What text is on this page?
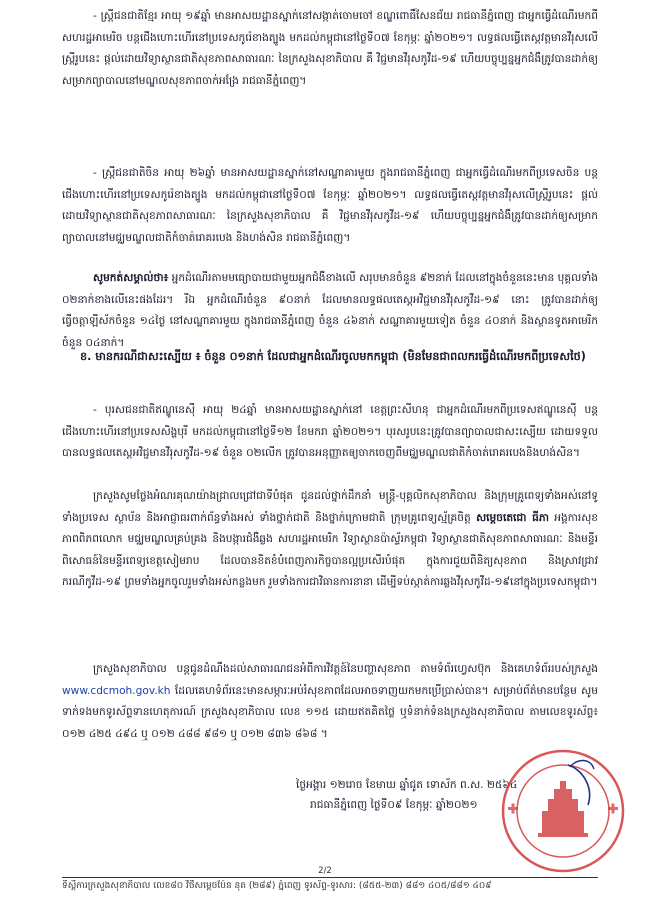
- ស្ត្រីជនជាតិខ្មែរ អាយុ ១៩ឆ្នាំ មានអាសយដ្ឋានស្នាក់នៅសង្កាត់ចោមចៅ ខណ្ឌពោធិ៍សែនជ័យ រាជធានីភ្នំពេញ ជាអ្នកធ្វើដំណើរមកពីសហរដ្ឋអាមេរិច បន្តជើងហោះហើរនៅប្រទេសកូរ៉េខាងត្បូង មកដល់កម្ពុជានៅថ្ងៃទី០៧ ខែកុម្ភៈ ឆ្នាំ២០២១។ លទ្ធផលធ្វើតេស្តវត្តមានវីរុសលើស្ត្រីរូបនេះ ផ្តល់ដោយវិទ្យាស្ថានជាតិសុខភាពសាធារណៈ នៃក្រសួងសុខាភិបាល គឺ វិជ្ជមានវីរុសកូវីដ-១៩ ហើយបច្ចុប្បន្នអ្នកជំងឺត្រូវបានដាក់ឲ្យសម្រាកព្យាបាលនៅមណ្ឌលសុខភាពចាក់អង្រែ រាជធានីភ្នំពេញ។
- ស្ត្រីជនជាតិចិន អាយុ ២៦ឆ្នាំ មានអាសយដ្ឋានស្នាក់នៅសណ្ឋាគារមួយ ក្នុងរាជធានីភ្នំពេញ ជាអ្នកធ្វើដំណើរមកពីប្រទេសចិន បន្តជើងហោះហើរនៅប្រទេសកូរ៉េខាងត្បូង មកដល់កម្ពុជានៅថ្ងៃទី០៧ ខែកុម្ភៈ ឆ្នាំ២០២១។ លទ្ធផលធ្វើតេស្តវត្តមានវីរុសលើស្ត្រីរូបនេះ ផ្តល់ដោយវិទ្យាស្ថានជាតិសុខភាពសាធារណៈ នៃក្រសួងសុខាភិបាល គឺ វិជ្ជមានវីរុសកូវីដ-១៩ ហើយបច្ចុប្បន្នអ្នកជំងឺត្រូវបានដាក់ឲ្យសម្រាកព្យាបាលនៅមជ្ឈមណ្ឌលជាតិកំចាត់រោគរបេង និងហង់សិន រាជធានីភ្នំពេញ។
សូមកត់សម្គាល់ថា៖ អ្នកដំណើរតាមមធ្យោបាយជាមួយអ្នកជំងឺខាងលើ សរុបមានចំនួន ៩២នាក់ ដែលនៅក្នុងចំនួននេះមាន បុគ្គលទាំង ០២នាក់ខាងលើនេះផងដែរ។ រីឯ អ្នកដំណើរចំនួន ៩០នាក់ ដែលមានលទ្ធផលតេស្តអវិជ្ជមានវីរុសកូវីដ-១៩ នោះ ត្រូវបានដាក់ឲ្យធ្វើចត្តាឡីស័កចំនួន ១៤ថ្ងៃ នៅសណ្ឋាគារមួយ ក្នុងរាជធានីភ្នំពេញ ចំនួន ៤៦នាក់ សណ្ឋាគារមួយទៀត ចំនួន ៤០នាក់ និងស្ថានទូតអាមេរិក ចំនួន ០៤នាក់។
ខ. មានករណីជាសះស្បើយ ៖ ចំនួន ០១នាក់ ដែលជាអ្នកដំណើរចូលមកកម្ពុជា (មិនមែនជាពលករធ្វើដំណើរមកពីប្រទេសថៃ)
- បុរសជនជាតិឥណ្ឌូនេស៊ី អាយុ ២៤ឆ្នាំ មានអាសយដ្ឋានស្នាក់នៅ ខេត្តព្រះសីហនុ ជាអ្នកដំណើរមកពីប្រទេសឥណ្ឌូនេស៊ី បន្តជើងហោះហើរនៅប្រទេសសិង្ហបុរី មកដល់កម្ពុជានៅថ្ងៃទី១២ ខែមករា ឆ្នាំ២០២១។ បុរសរូបនេះត្រូវបានព្យាបាលជាសះស្បើយ ដោយទទួលបានលទ្ធផលតេស្តអវិជ្ជមានវីរុសកូវីដ-១៩ ចំនួន ០២លើក ត្រូវបានអនុញ្ញាតឲ្យចាកចេញពីមជ្ឈមណ្ឌលជាតិកំចាត់រោគរបេងនិងហង់សិន។
ក្រសួងសូមថ្លែងអំណរគុណយ៉ាងជ្រាលជ្រៅជាទីបំផុត ជូនដល់ថ្នាក់ដឹកនាំ មន្ត្រី-បុគ្គលិកសុខាភិបាល និងក្រុមគ្រូពេទ្យទាំងអស់នៅទូទាំងប្រទេស ស្ថាប័ន និងអាជ្ញាធរពាក់ព័ន្ធទាំងអស់ ទាំងថ្នាក់ជាតិ និងថ្នាក់ក្រោមជាតិ ក្រុមគ្រូពេទ្យស្ម័គ្រចិត្ត សម្តេចតេជោ ធីភា អង្គការសុខភាពពិភពលោក មជ្ឈមណ្ឌលគ្រប់គ្រង និងបង្ការជំងឺឆ្លង សហរដ្ឋអាមេរិក វិទ្យាស្ថានប៉ាស្ទ័រកម្ពុជា វិទ្យាស្ថានជាតិសុខភាពសាធារណៈ និងមន្ទីរពិសោធន៍នៃមន្ទីរពេទ្យខេត្តសៀមរាប ដែលបានខិតខំបំពេញភារកិច្ចបានល្អប្រសើរបំផុត ក្នុងការជួយពិនិត្យសុខភាព និងស្រាវជ្រាវករណីកូវីដ-១៩ ព្រមទាំងអ្នកចូលរួមទាំងអស់កន្លងមក រួមទាំងការជាវិធានការនានា ដើម្បីទប់ស្កាត់ការឆ្លងវីរុសកូវីដ-១៩នៅក្នុងប្រទេសកម្ពុជា។
ក្រសួងសុខាភិបាល បន្តជូនដំណឹងដល់សាធារណជនអំពីការវិវត្តន៍នៃបញ្ហាសុខភាព តាមទំព័រហ្វេសប៊ុក និងគេហទំព័ររបស់ក្រសួង www.cdcmoh.gov.kh ដែលគេហទំព័រនេះមានសម្ភារៈអប់រំសុខភាពដែលអាចទាញយកមកប្រើប្រាស់បាន។ សម្រាប់ព័ត៌មានបន្ថែម សូមទាក់ទងមកទូរស័ព្ទទានហេតុការណ៍ ក្រសួងសុខាភិបាល លេខ ១១៥ ដោយឥតគិតថ្លៃ ឬទំនាក់ទំនងក្រសួងសុខាភិបាល តាមលេខទូរស័ព្ទ៖ ០១២ ៤២៥ ៤៩៤ ឬ ០១២ ៤៨៨ ៩៨១ ឬ ០១២ ៨៣៦ ៨៦៨ ។
ថ្ងៃអង្គារ ១២រោច ខែមាឃ ឆ្នាំជូត ទោស័ក ព.ស. ២៥៦៤
រាជធានីភ្នំពេញ ថ្ងៃទី០៩ ខែកុម្ភៈ ឆ្នាំ២០២១
2/2
ទីស្តីការក្រសួងសុខាភិបាល លេខ៨០ វិថីសម្តេចប៉ែន នុត (២៨៩) ភ្នំពេញ ទូរស័ព្ទ-ទូរសារ: (៨៥៥-២៣) ៨៨១ ៤០៥/៨៨១ ៤០៩
